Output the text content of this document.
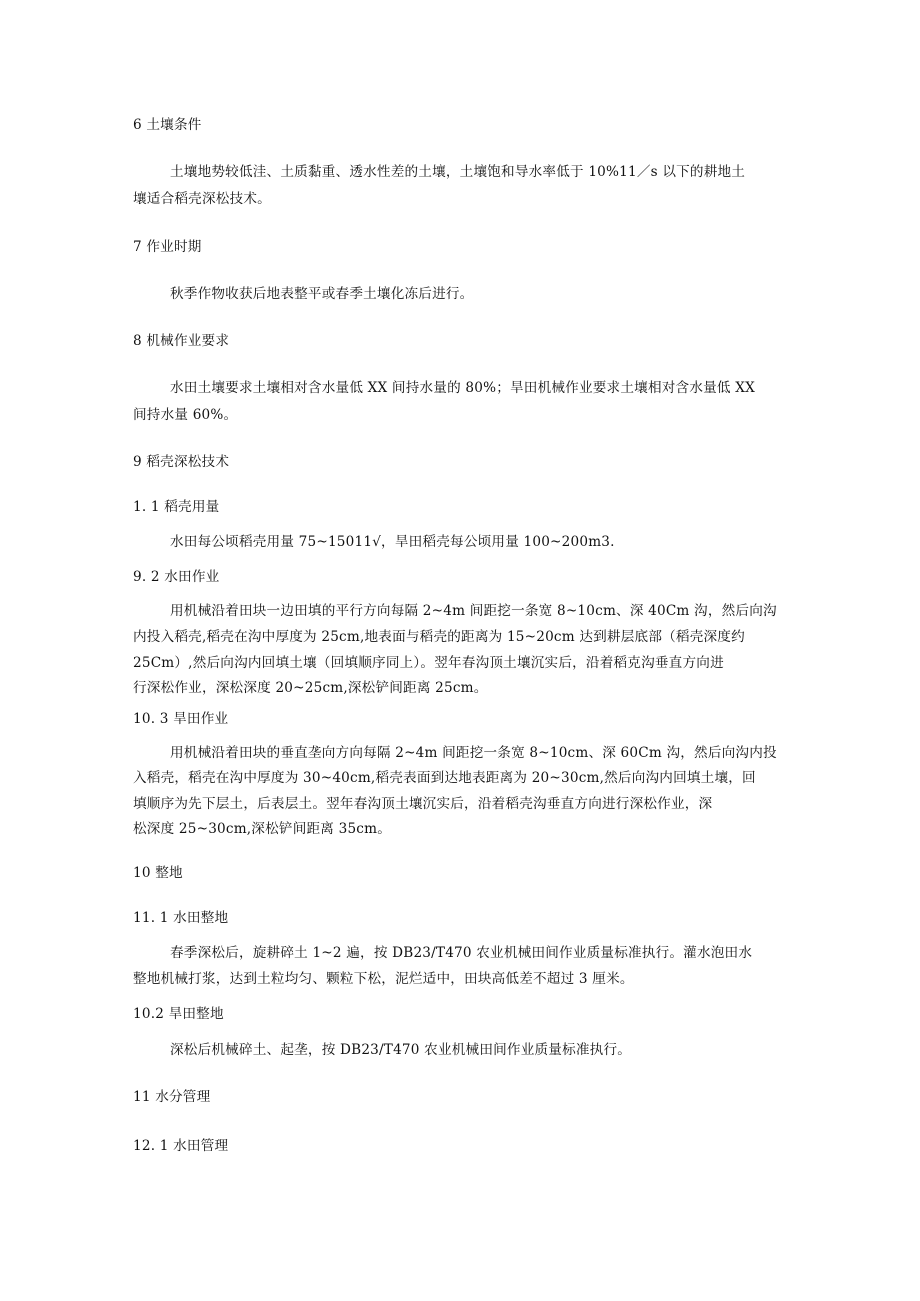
6 土壤条件
土壤地势较低洼、土质黏重、透水性差的土壤，土壤饱和导水率低于 10%11／s 以下的耕地土
壤适合稻壳深松技术。
7 作业时期
秋季作物收获后地表整平或春季土壤化冻后进行。
8 机械作业要求
水田土壤要求土壤相对含水量低 XX 间持水量的 80%；旱田机械作业要求土壤相对含水量低 XX
间持水量 60%。
9 稻壳深松技术
1. 1 稻壳用量
水田每公顷稻壳用量 75~15011√，旱田稻壳每公顷用量 100~200m3.
9. 2 水田作业
用机械沿着田块一边田填的平行方向每隔 2~4m 间距挖一条宽 8~10cm、深 40Cm 沟，然后向沟
内投入稻壳,稻壳在沟中厚度为 25cm,地表面与稻壳的距离为 15~20cm 达到耕层底部（稻壳深度约
25Cm）,然后向沟内回填土壤（回填顺序同上）。翌年春沟顶土壤沉实后，沿着稻克沟垂直方向进
行深松作业，深松深度 20~25cm,深松铲间距离 25cm。
10. 3 旱田作业
用机械沿着田块的垂直垄向方向每隔 2~4m 间距挖一条宽 8~10cm、深 60Cm 沟，然后向沟内投
入稻壳，稻壳在沟中厚度为 30~40cm,稻壳表面到达地表距离为 20~30cm,然后向沟内回填土壤，回
填顺序为先下层土，后表层土。翌年春沟顶土壤沉实后，沿着稻壳沟垂直方向进行深松作业，深
松深度 25~30cm,深松铲间距离 35cm。
10 整地
11. 1 水田整地
春季深松后，旋耕碎土 1~2 遍，按 DB23/T470 农业机械田间作业质量标准执行。灌水泡田水
整地机械打浆，达到土粒均匀、颗粒下松，泥烂适中，田块高低差不超过 3 厘米。
10.2 旱田整地
深松后机械碎土、起垄，按 DB23/T470 农业机械田间作业质量标准执行。
11 水分管理
12. 1 水田管理
